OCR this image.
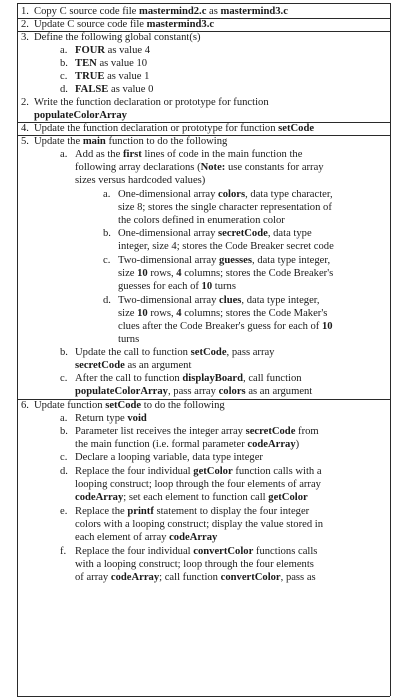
1. Copy C source code file mastermind2.c as mastermind3.c
2. Update C source code file mastermind3.c
3. Define the following global constant(s)
a. FOUR as value 4
b. TEN as value 10
c. TRUE as value 1
d. FALSE as value 0
2. Write the function declaration or prototype for function
populateColorArray
4. Update the function declaration or prototype for function setCode
5. Update the main function to do the following
a. Add as the first lines of code in the main function the
following array declarations (Note: use constants for array
sizes versus hardcoded values)
a. One-dimensional array colors, data type character,
size 8; stores the single character representation of
the colors defined in enumeration color
b. One-dimensional array secretCode, data type
integer, size 4; stores the Code Breaker secret code
c. Two-dimensional array guesses, data type integer,
size 10 rows, 4 columns; stores the Code Breaker's
guesses for each of 10 turns
d. Two-dimensional array clues, data type integer,
size 10 rows, 4 columns; stores the Code Maker's
clues after the Code Breaker's guess for each of 10
turns
b. Update the call to function setCode, pass array
secretCode as an argument
c. After the call to function displayBoard, call function
populateColorArray, pass array colors as an argument
6. Update function setCode to do the following
a. Return type void
b. Parameter list receives the integer array secretCode from
the main function (i.e. formal parameter codeArray)
c. Declare a looping variable, data type integer
d. Replace the four individual getColor function calls with a
looping construct; loop through the four elements of array
codeArray; set each element to function call getColor
e. Replace the printf statement to display the four integer
colors with a looping construct; display the value stored in
each element of array codeArray
f. Replace the four individual convertColor functions calls
with a looping construct; loop through the four elements
of array codeArray; call function convertColor, pass as
